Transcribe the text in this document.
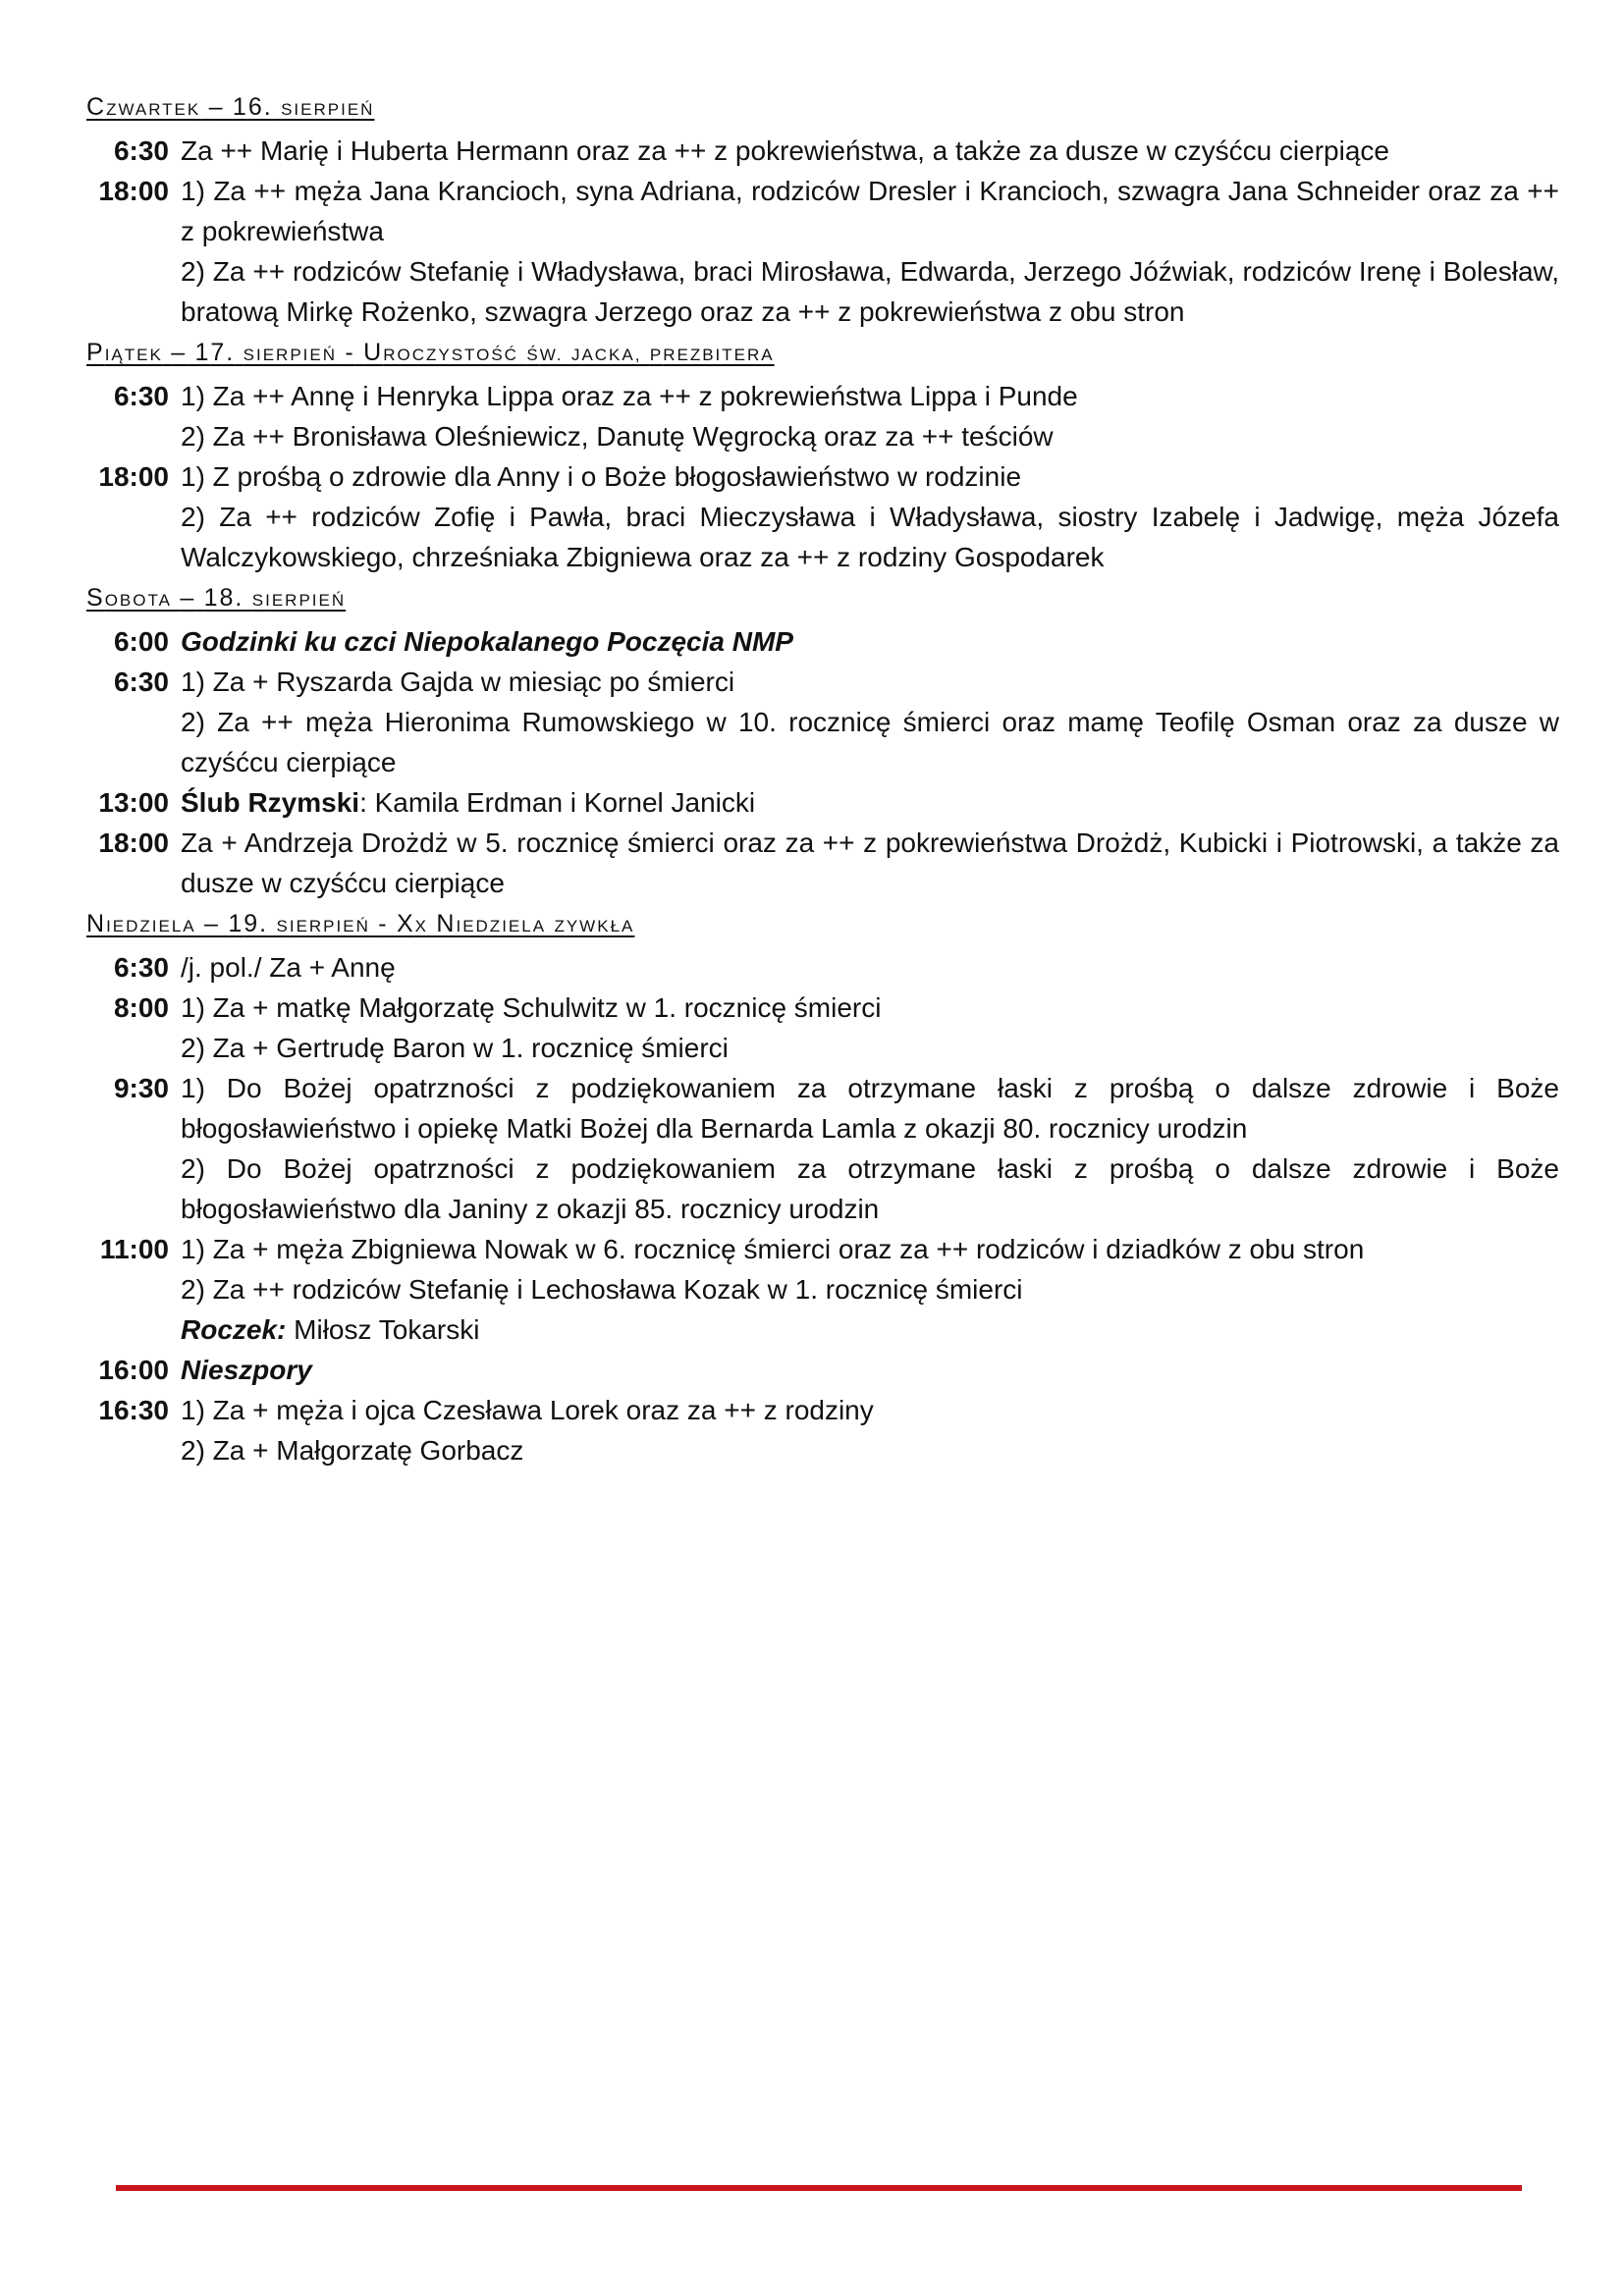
CZWARTEK – 16. SIERPIEŃ
6:30 Za ++ Marię i Huberta Hermann oraz za ++ z pokrewieństwa, a także za dusze w czyśćcu cierpiące
18:00 1) Za ++ męża Jana Krancioch, syna Adriana, rodziców Dresler i Krancioch, szwagra Jana Schneider oraz za ++ z pokrewieństwa
2) Za ++ rodziców Stefanię i Władysława, braci Mirosława, Edwarda, Jerzego Jóźwiak, rodziców Irenę i Bolesław, bratową Mirkę Rożenko, szwagra Jerzego oraz za ++ z pokrewieństwa z obu stron
PIĄTEK – 17. SIERPIEŃ - UROCZYSTOŚĆ ŚW. JACKA, PREZBITERA
6:30 1) Za ++ Annę i Henryka Lippa oraz za ++ z pokrewieństwa Lippa i Punde
2) Za ++ Bronisława Oleśniewicz, Danutę Węgrocką oraz za ++ teściów
18:00 1) Z prośbą o zdrowie dla Anny i o Boże błogosławieństwo w rodzinie
2) Za ++ rodziców Zofię i Pawła, braci Mieczysława i Władysława, siostry Izabelę i Jadwigę, męża Józefa Walczykowskiego, chrześniaka Zbigniewa oraz za ++ z rodziny Gospodarek
SOBOTA – 18. SIERPIEŃ
6:00 Godzinki ku czci Niepokalanego Poczęcia NMP
6:30 1) Za + Ryszarda Gajda w miesiąc po śmierci
2) Za ++ męża Hieronima Rumowskiego w 10. rocznicę śmierci oraz mamę Teofilę Osman oraz za dusze w czyśćcu cierpiące
13:00 Ślub Rzymski: Kamila Erdman i Kornel Janicki
18:00 Za + Andrzeja Drożdż w 5. rocznicę śmierci oraz za ++ z pokrewieństwa Drożdż, Kubicki i Piotrowski, a także za dusze w czyśćcu cierpiące
NIEDZIELA – 19. SIERPIEŃ - XX NIEDZIELA ZYWKŁA
6:30 /j. pol./ Za + Annę
8:00 1) Za + matkę Małgorzatę Schulwitz w 1. rocznicę śmierci
2) Za + Gertrudę Baron w 1. rocznicę śmierci
9:30 1) Do Bożej opatrzności z podziękowaniem za otrzymane łaski z prośbą o dalsze zdrowie i Boże błogosławieństwo i opiekę Matki Bożej dla Bernarda Lamla z okazji 80. rocznicy urodzin
2) Do Bożej opatrzności z podziękowaniem za otrzymane łaski z prośbą o dalsze zdrowie i Boże błogosławieństwo dla Janiny z okazji 85. rocznicy urodzin
11:00 1) Za + męża Zbigniewa Nowak w 6. rocznicę śmierci oraz za ++ rodziców i dziadków z obu stron
2) Za ++ rodziców Stefanię i Lechosława Kozak w 1. rocznicę śmierci
Roczek: Miłosz Tokarski
16:00 Nieszpory
16:30 1) Za + męża i ojca Czesława Lorek oraz za ++ z rodziny
2) Za + Małgorzatę Gorbacz
